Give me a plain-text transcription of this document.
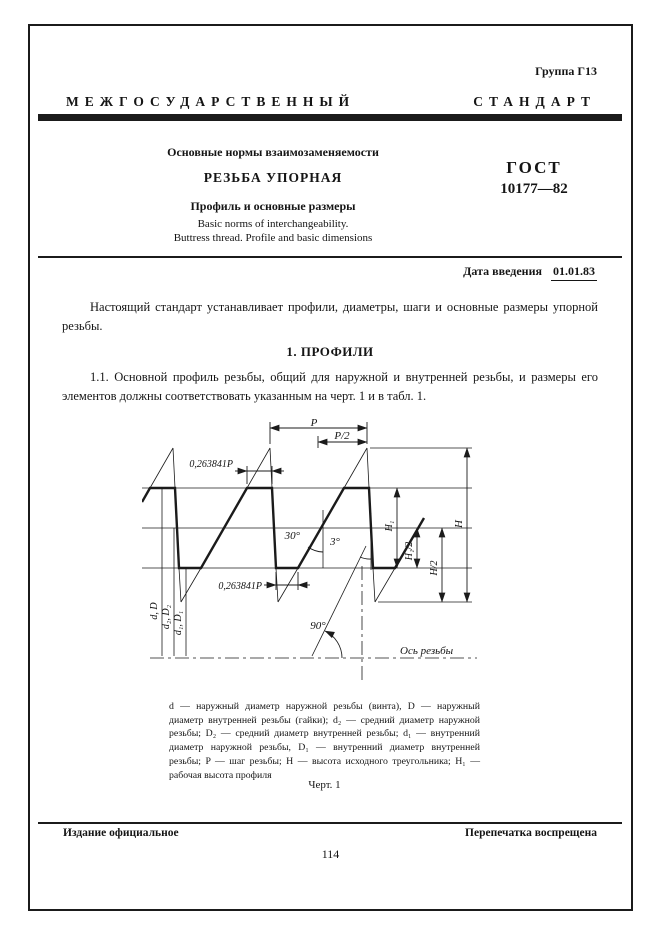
Группа Г13
МЕЖГОСУДАРСТВЕННЫЙ	СТАНДАРТ

Основные нормы взаимозаменяемости

РЕЗЬБА УПОРНАЯ

Профиль и основные размеры

Basic norms of interchangeability.

Buttress thread. Profile and basic dimensions

ГОСТ

10177—82

Дата введения 01.01.83

Настоящий стандарт устанавливает профили, диаметры, шаги и основные размеры упорной резьбы.

1. ПРОФИЛИ

1.1. Основной профиль резьбы, общий для наружной и внутренней резьбы, и размеры его элементов должны соответствовать указанным на черт. 1 и в табл. 1.

P
P/2
0,263841P
0,263841P
30°	3°
H₁
H₁/2
H/2
H
d, D d₂, D₂ d₁, D₁	90°
Ось резьбы

d — наружный диаметр наружной резьбы (винта), D — наружный диаметр внутренней резьбы (гайки); d₂ — средний диаметр наружной резьбы; D₂ — средний диаметр внутренней резьбы; d₁ — внутренний диаметр наружной резьбы, D₁ — внутренний диаметр внутренней резьбы; P — шаг резьбы; H — высота исходного треугольника; H₁ — рабочая высота профиля

Черт. 1
Издание официальное	Перепечатка воспрещена
114
